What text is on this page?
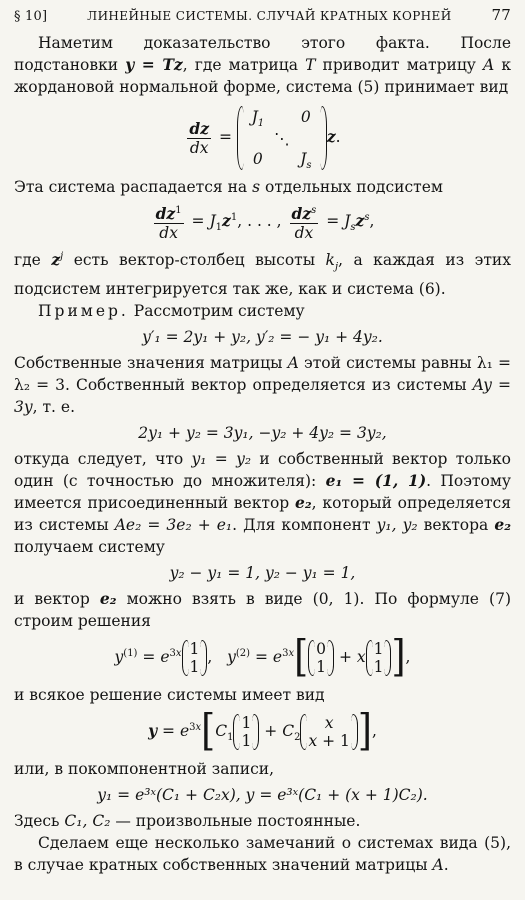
§ 10]	ЛИНЕЙНЫЕ СИСТЕМЫ. СЛУЧАЙ КРАТНЫХ КОРНЕЙ	77

Наметим доказательство этого факта. После подстановки y = Tz, где матрица T приводит матрицу A к жордановой нормальной форме, система (5) принимает вид

$\frac{dz}{dx}$ =
$J_1$	0
⋱
0	$J_s$
z.

Эта система распадается на s отдельных подсистем

$\frac{dz^1}{dx} = J_1z^1$, . . . , $\frac{dz^s}{dx} = J_sz^s$,

где $z^j$ есть вектор-столбец высоты $k_j$, а каждая из этих подсистем интегрируется так же, как и система (6).

Пример. Рассмотрим систему

y′₁ = 2y₁ + y₂, y′₂ = − y₁ + 4y₂.

Собственные значения матрицы A этой системы равны λ₁ = λ₂ = 3. Собственный вектор определяется из системы Ay = 3y, т. е.

2y₁ + y₂ = 3y₁, −y₂ + 4y₂ = 3y₂,

откуда следует, что y₁ = y₂ и собственный вектор только один (с точностью до множителя): e₁ = (1, 1). Поэтому имеется присоединенный вектор e₂, который определяется из системы Ae₂ = 3e₂ + e₁. Для компонент y₁, y₂ вектора e₂ получаем систему

y₂ − y₁ = 1, y₂ − y₁ = 1,

и вектор e₂ можно взять в виде (0, 1). По формуле (7) строим решения

$y^{(1)} = e^{3x}$ 1
1
,   $y^{(2)} = e^{3x}$[ 0
1
+ x 1
1 ],

и всякое решение системы имеет вид

$y = e^{3x}[C_1$
1
1
+ $C_2$
x
x + 1 ],

или, в покомпонентной записи,

y₁ = e³ˣ(C₁ + C₂x), y = e³ˣ(C₁ + (x + 1)C₂).

Здесь C₁, C₂ — произвольные постоянные.

Сделаем еще несколько замечаний о системах вида (5), в случае кратных собственных значений матрицы A.
